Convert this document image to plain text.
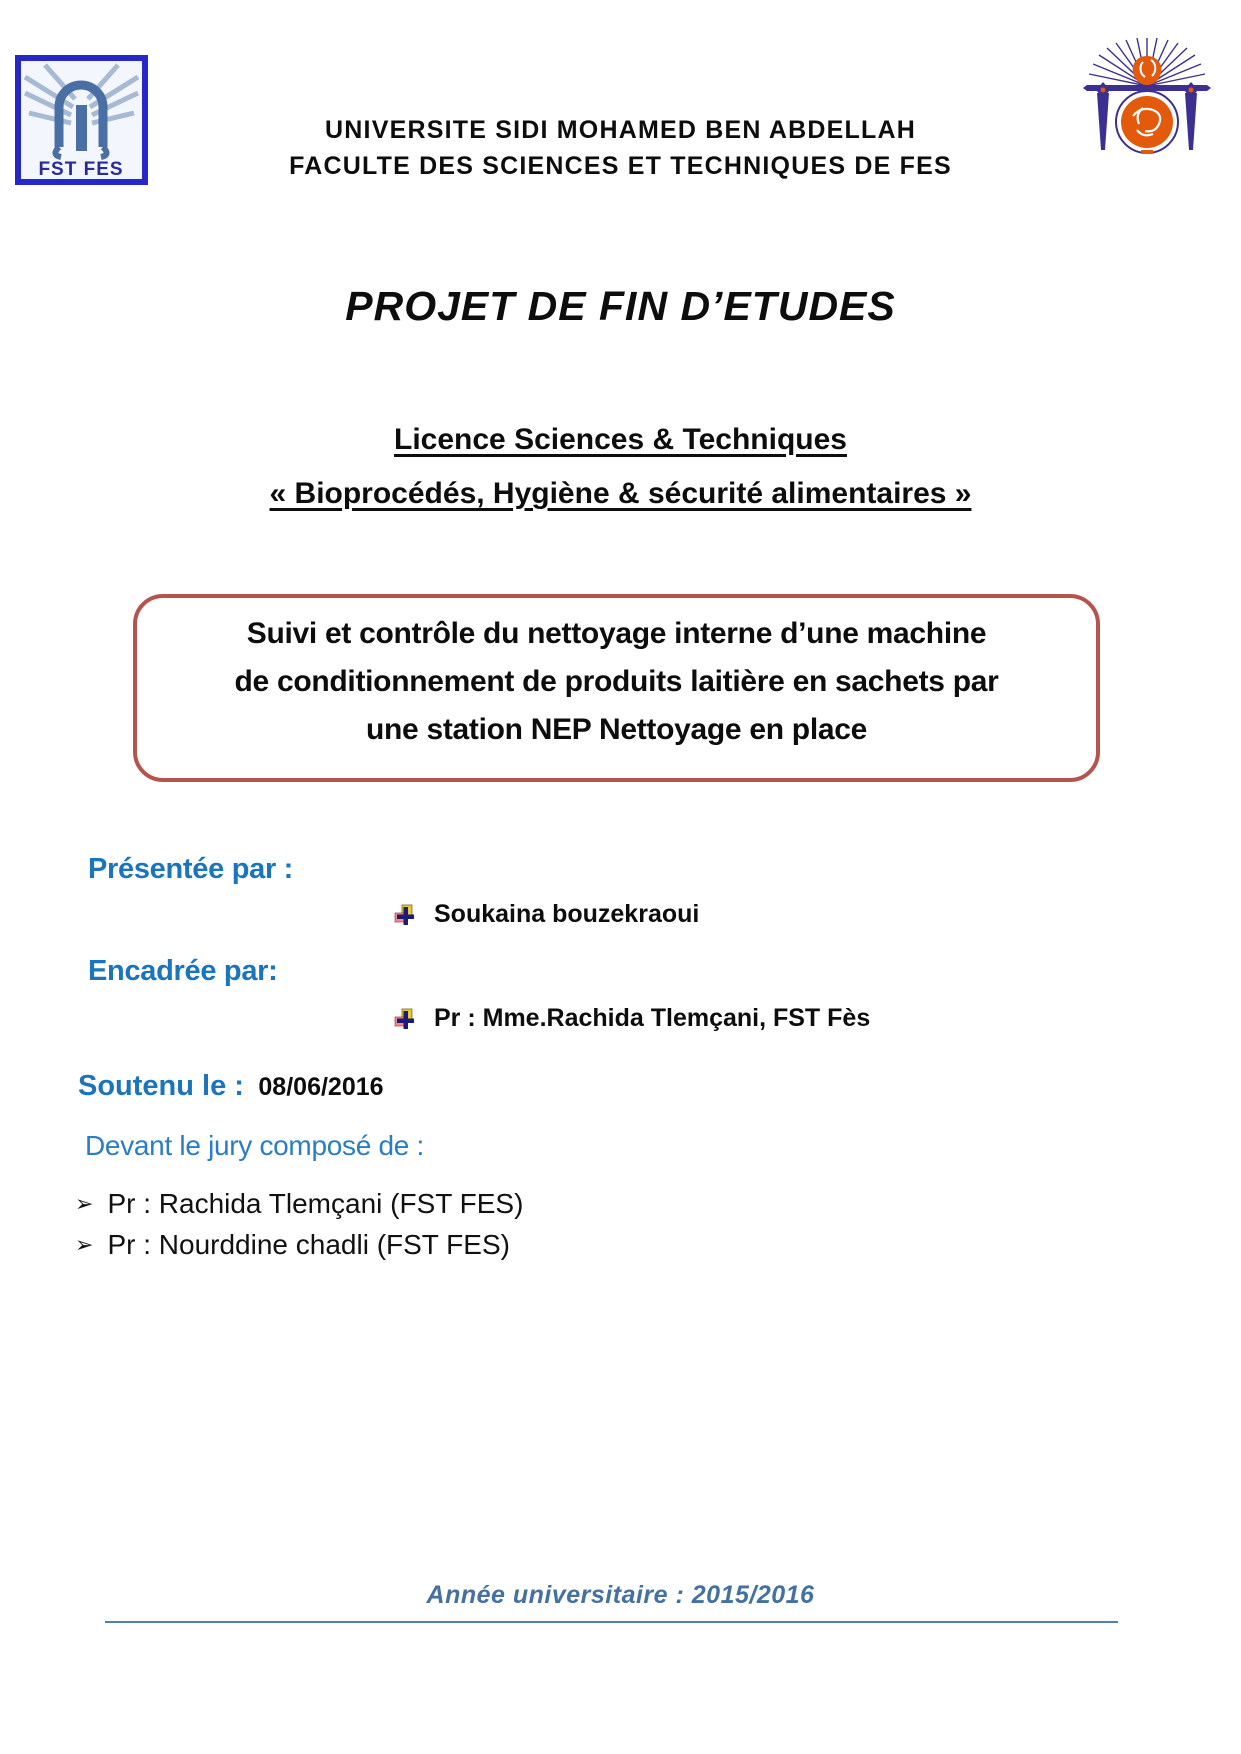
FST FES
UNIVERSITE SIDI MOHAMED BEN ABDELLAH
FACULTE DES SCIENCES ET TECHNIQUES DE FES
PROJET DE FIN D’ETUDES
Licence Sciences & Techniques
« Bioprocédés, Hygiène & sécurité alimentaires »
Suivi et contrôle du nettoyage interne d’une machine
de conditionnement de produits laitière en sachets par
une station NEP Nettoyage en place
Présentée par :
Soukaina bouzekraoui
Encadrée par:
Pr : Mme.Rachida Tlemçani, FST Fès
Soutenu le : 08/06/2016
Devant le jury composé de :
➢ Pr : Rachida Tlemçani (FST FES)
➢ Pr : Nourddine chadli (FST FES)
Année universitaire : 2015/2016
